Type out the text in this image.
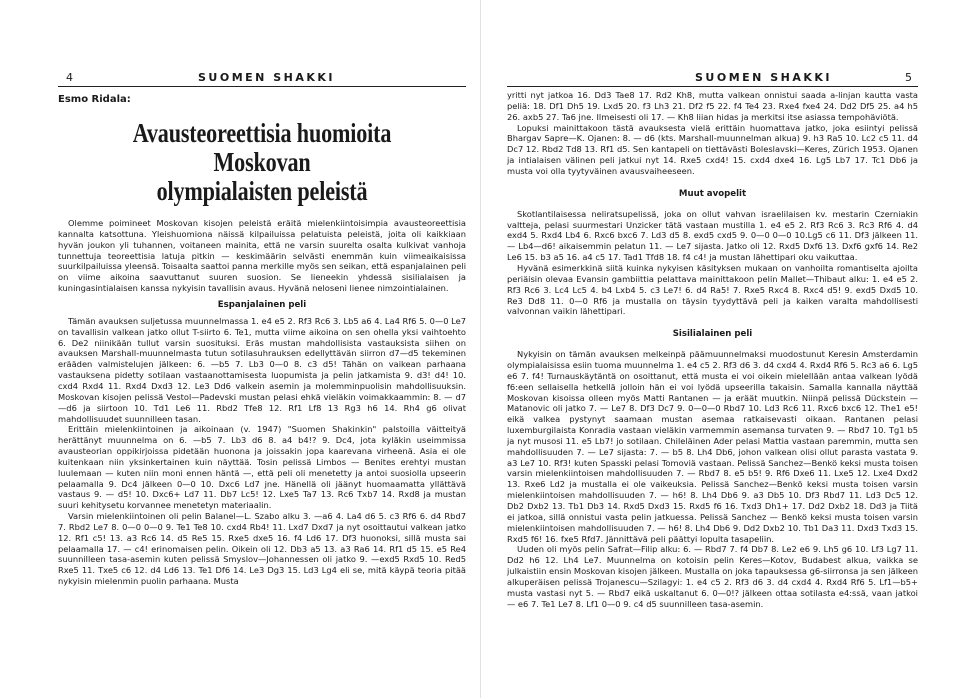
4	SUOMEN SHAKKI
Esmo Ridala:
Avausteoreettisia huomioita Moskovan
olympialaisten peleistä

Olemme poimineet Moskovan kisojen peleistä eräitä mielenkiintoisimpia avausteoreettisia kannalta katsottuna. Yleishuomiona näissä kilpailuissa pelatuista peleistä, joita oli kaikkiaan hyvän joukon yli tuhannen, voitaneen mainita, että ne varsin suurelta osalta kulkivat vanhoja tunnettuja teoreettisia latuja pitkin — keskimäärin selvästi enemmän kuin viimeaikaisissa suurkilpailuissa yleensä. Toisaalta saattoi panna merkille myös sen seikan, että espanjalainen peli on viime aikoina saavuttanut suuren suosion. Se lieneekin yhdessä sisilialaisen ja kuningasintialaisen kanssa nykyisin tavallisin avaus. Hyvänä neloseni lienee nimzointialainen.

Espanjalainen peli

Tämän avauksen suljetussa muunnelmassa 1. e4 e5 2. Rf3 Rc6 3. Lb5 a6 4. La4 Rf6 5. 0—0 Le7 on tavallisin valkean jatko ollut T-siirto 6. Te1, mutta viime aikoina on sen ohella yksi vaihtoehto 6. De2 niinikään tullut varsin suosituksi. Eräs mustan mahdollisista vastauksista siihen on avauksen Marshall-muunnelmasta tutun sotilasuhrauksen edellyttävän siirron d7—d5 tekeminen erääden valmistelujen jälkeen: 6. —b5 7. Lb3 0—0 8. c3 d5! Tähän on vaikean parhaana vastauksena pidetty sotilaan vastaanottamisesta luopumista ja pelin jatkamista 9. d3! d4! 10. cxd4 Rxd4 11. Rxd4 Dxd3 12. Le3 Dd6 valkein asemin ja molemminpuolisin mahdollisuuksin. Moskovan kisojen pelissä Vestol—Padevski mustan pelasi ehkä vieläkin voimakkaammin: 8. — d7—d6 ja siirtoon 10. Td1 Le6 11. Rbd2 Tfe8 12. Rf1 Lf8 13 Rg3 h6 14. Rh4 g6 olivat mahdollisuudet suunnilleen tasan.

Erittäin mielenkiintoinen ja aikoinaan (v. 1947) "Suomen Shakinkin" palstoilla väitteityä herättänyt muunnelma on 6. —b5 7. Lb3 d6 8. a4 b4!? 9. Dc4, jota kyläkin useimmissa avausteorian oppikirjoissa pidetään huonona ja joissakin jopa kaarevana virheenä. Asia ei ole kuitenkaan niin yksinkertainen kuin näyttää. Tosin pelissä Limbos — Benites erehtyi mustan luulemaan — kuten niin moni ennen häntä —, että peli oli menetetty ja antoi suosiolla upseerin pelaamalla 9. Dc4 jälkeen 0—0 10. Dxc6 Ld7 jne. Hänellä oli jäänyt huomaamatta yllättävä vastaus 9. — d5! 10. Dxc6+ Ld7 11. Db7 Lc5! 12. Lxe5 Ta7 13. Rc6 Txb7 14. Rxd8 ja mustan suuri kehitysetu korvannee menetetyn materiaalin.

Varsin mielenkiintoinen oli pelin Balanel—L. Szabo alku 3. —a6 4. La4 d6 5. c3 Rf6 6. d4 Rbd7 7. Rbd2 Le7 8. 0—0 0—0 9. Te1 Te8 10. cxd4 Rb4! 11. Lxd7 Dxd7 ja nyt osoittautui valkean jatko 12. Rf1 c5! 13. a3 Rc6 14. d5 Re5 15. Rxe5 dxe5 16. f4 Ld6 17. Df3 huonoksi, sillä musta sai pelaamalla 17. — c4! erinomaisen pelin. Oikein oli 12. Db3 a5 13. a3 Ra6 14. Rf1 d5 15. e5 Re4 suunnilleen tasa-asemin kuten pelissä Smyslov—Johannessen oli jatko 9. —exd5 Rxd5 10. Red5 Rxe5 11. Txe5 c6 12. d4 Ld6 13. Te1 Df6 14. Le3 Dg3 15. Ld3 Lg4 eli se, mitä käypä teoria pitää nykyisin mielenmin puolin parhaana. Musta

SUOMEN SHAKKI	5

yritti nyt jatkoa 16. Dd3 Tae8 17. Rd2 Kh8, mutta valkean onnistui saada a-linjan kautta vasta peliä: 18. Df1 Dh5 19. Lxd5 20. f3 Lh3 21. Df2 f5 22. f4 Te4 23. Rxe4 fxe4 24. Dd2 Df5 25. a4 h5 26. axb5 27. Ta6 jne. Ilmeisesti oli 17. — Kh8 liian hidas ja merkitsi itse asiassa tempohäviötä.

Lopuksi mainittakoon tästä avauksesta vielä erittäin huomattava jatko, joka esiintyi pelissä Bhargav Sapre—K. Ojanen: 8. — d6 (kts. Marshall-muunnelman alkua) 9. h3 Ra5 10. Lc2 c5 11. d4 Dc7 12. Rbd2 Td8 13. Rf1 d5. Sen kantapeli on tiettävästi Boleslavski—Keres, Zürich 1953. Ojanen ja intialaisen välinen peli jatkui nyt 14. Rxe5 cxd4! 15. cxd4 dxe4 16. Lg5 Lb7 17. Tc1 Db6 ja musta voi olla tyytyväinen avausvaiheeseen.

Muut avopelit

Skotlantilaisessa neliratsupelissä, joka on ollut vahvan israelilaisen kv. mestarin Czerniakin valtteja, pelasi suurmestari Unzicker tätä vastaan mustilla 1. e4 e5 2. Rf3 Rc6 3. Rc3 Rf6 4. d4 exd4 5. Rxd4 Lb4 6. Rxc6 bxc6 7. Ld3 d5 8. exd5 cxd5 9. 0—0 0—0 10.Lg5 c6 11. Df3 jälkeen 11. — Lb4—d6! aikaisemmin pelatun 11. — Le7 sijasta. Jatko oli 12. Rxd5 Dxf6 13. Dxf6 gxf6 14. Re2 Le6 15. b3 a5 16. a4 c5 17. Tad1 Tfd8 18. f4 c4! ja mustan lähettipari oku vaikuttaa.

Hyvänä esimerkkinä siitä kuinka nykyisen käsityksen mukaan on vanhoilta romantiselta ajoilta periäisin olevaa Evansin gambiittia pelattava mainittakoon pelin Mallet—Thibaut alku: 1. e4 e5 2. Rf3 Rc6 3. Lc4 Lc5 4. b4 Lxb4 5. c3 Le7! 6. d4 Ra5! 7. Rxe5 Rxc4 8. Rxc4 d5! 9. exd5 Dxd5 10. Re3 Dd8 11. 0—0 Rf6 ja mustalla on täysin tyydyttävä peli ja kaiken varalta mahdollisesti valvonnan vaikin lähettipari.

Sisilialainen peli

Nykyisin on tämän avauksen melkeinpä päämuunnelmaksi muodostunut Keresin Amsterdamin olympialaisissa esiin tuoma muunnelma 1. e4 c5 2. Rf3 d6 3. d4 cxd4 4. Rxd4 Rf6 5. Rc3 a6 6. Lg5 e6 7. f4! Turnauskäytäntä on osoittanut, että musta ei voi oikein mielellään antaa valkean lyödä f6:een sellaisella hetkellä jolloin hän ei voi lyödä upseerilla takaisin. Samalla kannalla näyttää Moskovan kisoissa olleen myös Matti Rantanen — ja eräät muutkin. Niinpä pelissä Dückstein — Matanovic oli jatko 7. — Le7 8. Df3 Dc7 9. 0—0—0 Rbd7 10. Ld3 Rc6 11. Rxc6 bxc6 12. The1 e5! eikä valkea pystynyt saamaan mustan asemaa ratkaisevasti oikaan. Rantanen pelasi luxemburgilaista Konradia vastaan vieläkin varmemmin asemansa turvaten 9. — Rbd7 10. Tg1 b5 ja nyt musosi 11. e5 Lb7! jo sotilaan. Chileläinen Ader pelasi Mattia vastaan paremmin, mutta sen mahdollisuuden 7. — Le7 sijasta: 7. — b5 8. Lh4 Db6, johon valkean olisi ollut parasta vastata 9. a3 Le7 10. Rf3! kuten Spasski pelasi Tomoviä vastaan. Pelissä Sanchez—Benkö keksi musta toisen varsin mielenkiintoisen mahdollisuuden 7. — Rbd7 8. e5 b5! 9. Rf6 Dxe6 11. Lxe5 12. Lxe4 Dxd2 13. Rxe6 Ld2 ja mustalla ei ole vaikeuksia. Pelissä Sanchez—Benkö keksi musta toisen varsin mielenkiintoisen mahdollisuuden 7. — h6! 8. Lh4 Db6 9. a3 Db5 10. Df3 Rbd7 11. Ld3 Dc5 12. Db2 Dxb2 13. Tb1 Db3 14. Rxd5 Dxd3 15. Rxd5 f6 16. Txd3 Dh1+ 17. Dd2 Dxb2 18. Dd3 ja Tiitä ei jatkoa, sillä onnistui vasta pelin jatkuessa. Pelissä Sanchez — Benkö keksi musta toisen varsin mielenkiintoisen mahdollisuuden 7. — h6! 8. Lh4 Db6 9. Dd2 Dxb2 10. Tb1 Da3 11. Dxd3 Txd3 15. Rxd5 f6! 16. fxe5 Rfd7. Jännittävä peli päättyi lopulta tasapeliin.

Uuden oli myös pelin Safrat—Filip alku: 6. — Rbd7 7. f4 Db7 8. Le2 e6 9. Lh5 g6 10. Lf3 Lg7 11. Dd2 h6 12. Lh4 Le7. Muunnelma on kotoisin pelin Keres—Kotov, Budabest alkua, vaikka se julkaistiin ensin Moskovan kisojen jälkeen. Mustalla on joka tapauksessa g6-siirronsa ja sen jälkeen alkuperäisen pelissä Trojanescu—Szilagyi: 1. e4 c5 2. Rf3 d6 3. d4 cxd4 4. Rxd4 Rf6 5. Lf1—b5+ musta vastasi nyt 5. — Rbd7 eikä uskaltanut 6. 0—0!? jälkeen ottaa sotilasta e4:ssä, vaan jatkoi — e6 7. Te1 Le7 8. Lf1 0—0 9. c4 d5 suunnilleen tasa-asemin.
